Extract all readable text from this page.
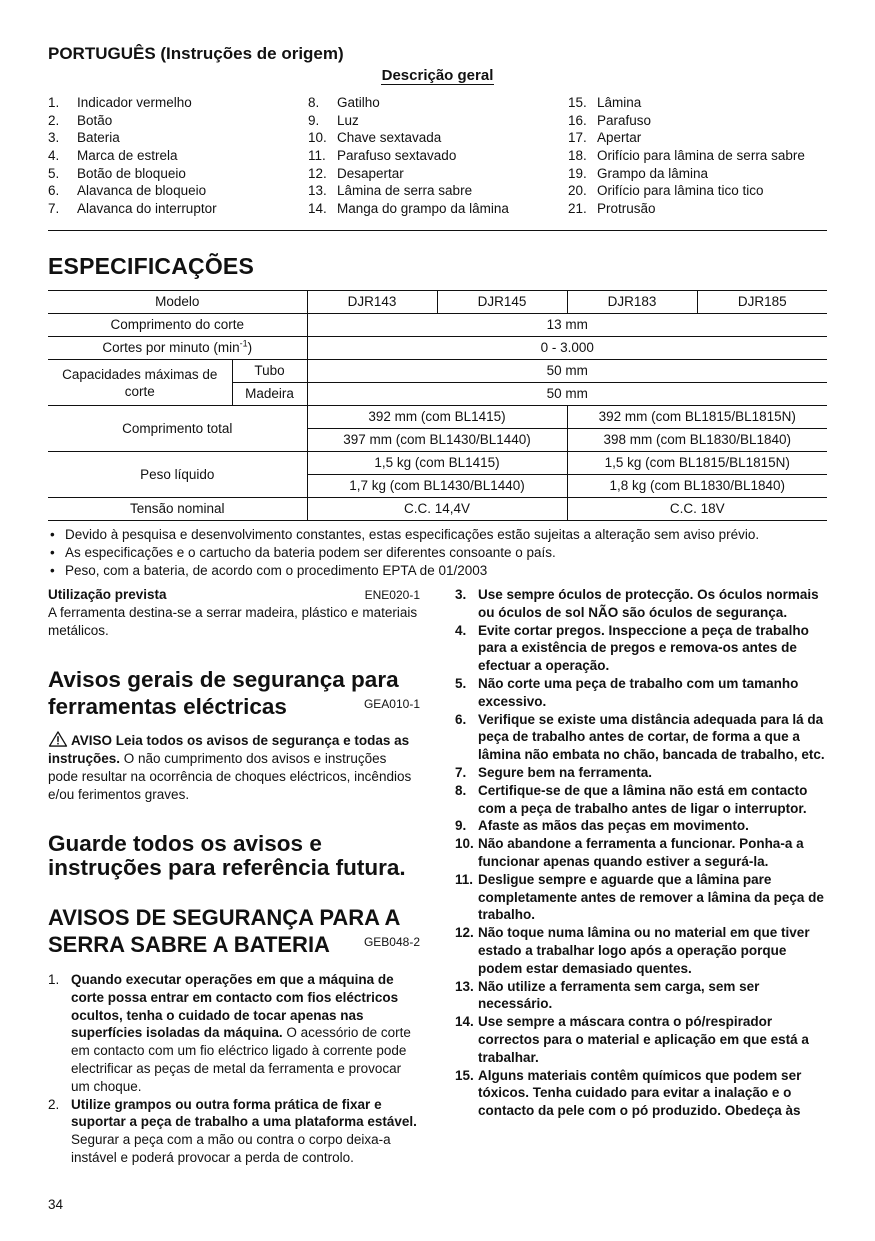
PORTUGUÊS (Instruções de origem)
Descrição geral
1.	Indicador vermelho
2.	Botão
3.	Bateria
4.	Marca de estrela
5.	Botão de bloqueio
6.	Alavanca de bloqueio
7.	Alavanca do interruptor
8.	Gatilho
9.	Luz
10. Chave sextavada
11. Parafuso sextavado
12. Desapertar
13. Lâmina de serra sabre
14. Manga do grampo da lâmina
15. Lâmina
16. Parafuso
17. Apertar
18. Orifício para lâmina de serra sabre
19. Grampo da lâmina
20. Orifício para lâmina tico tico
21. Protrusão
ESPECIFICAÇÕES
Modelo		DJR143	DJR145	DJR183	DJR185
Comprimento do corte		13 mm			
Cortes por minuto $(\min^{-1})$		0 - 3.000			
Capacidades máximas de corte	Tubo	50 mm			
	Madeira	50 mm			
Comprimento total		392 mm (com BL1415)		392 mm (com BL1815/BL1815N)	
		397 mm (com BL1430/BL1440)		398 mm (com BL1830/BL1840)	
Peso líquido		1,5 kg (com BL1415)		1,5 kg (com BL1815/BL1815N)	
		1,7 kg (com BL1430/BL1440)		1,8 kg (com BL1830/BL1840)	
Tensão nominal		C.C. 14,4V		C.C. 18V	
• Devido à pesquisa e desenvolvimento constantes, estas especificações estão sujeitas a alteração sem aviso prévio.
• As especificações e o cartucho da bateria podem ser diferentes consoante o país.
• Peso, com a bateria, de acordo com o procedimento EPTA de 01/2003
Utilização prevista	ENE020-1
A ferramenta destina-se a serrar madeira, plástico e materiais metálicos.
Avisos gerais de segurança para
ferramentas eléctricas	GEA010-1
AVISO Leia todos os avisos de segurança e todas as instruções. O não cumprimento dos avisos e instruções pode resultar na ocorrência de choques eléctricos, incêndios e/ou ferimentos graves.
Guarde todos os avisos e
instruções para referência futura.
AVISOS DE SEGURANÇA PARA A
SERRA SABRE A BATERIA	GEB048-2
1. Quando executar operações em que a máquina de corte possa entrar em contacto com fios eléctricos ocultos, tenha o cuidado de tocar apenas nas superfícies isoladas da máquina. O acessório de corte em contacto com um fio eléctrico ligado à corrente pode electrificar as peças de metal da ferramenta e provocar um choque.
2. Utilize grampos ou outra forma prática de fixar e suportar a peça de trabalho a uma plataforma estável. Segurar a peça com a mão ou contra o corpo deixa-a instável e poderá provocar a perda de controlo.
3. Use sempre óculos de protecção. Os óculos normais ou óculos de sol NÃO são óculos de segurança.
4. Evite cortar pregos. Inspeccione a peça de trabalho para a existência de pregos e remova-os antes de efectuar a operação.
5. Não corte uma peça de trabalho com um tamanho excessivo.
6. Verifique se existe uma distância adequada para lá da peça de trabalho antes de cortar, de forma a que a lâmina não embata no chão, bancada de trabalho, etc.
7. Segure bem na ferramenta.
8. Certifique-se de que a lâmina não está em contacto com a peça de trabalho antes de ligar o interruptor.
9. Afaste as mãos das peças em movimento.
10. Não abandone a ferramenta a funcionar. Ponha-a a funcionar apenas quando estiver a segurá-la.
11. Desligue sempre e aguarde que a lâmina pare completamente antes de remover a lâmina da peça de trabalho.
12. Não toque numa lâmina ou no material em que tiver estado a trabalhar logo após a operação porque podem estar demasiado quentes.
13. Não utilize a ferramenta sem carga, sem ser necessário.
14. Use sempre a máscara contra o pó/respirador correctos para o material e aplicação em que está a trabalhar.
15. Alguns materiais contêm químicos que podem ser tóxicos. Tenha cuidado para evitar a inalação e o contacto da pele com o pó produzido. Obedeça às
34
